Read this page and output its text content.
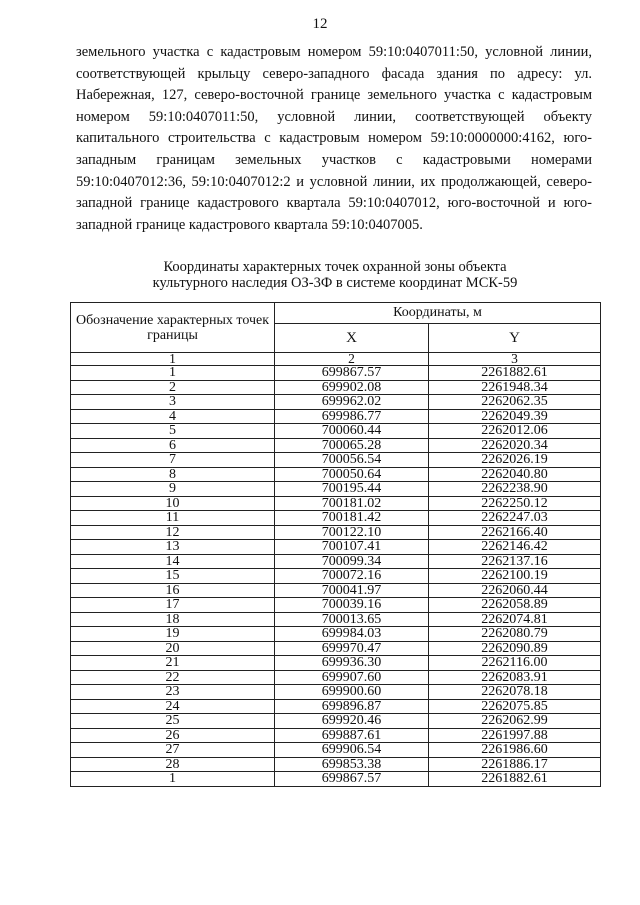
12

земельного участка с кадастровым номером 59:10:0407011:50, условной линии, соответствующей крыльцу северо-западного фасада здания по адресу: ул. Набережная, 127, северо-восточной границе земельного участка с кадастровым номером 59:10:0407011:50, условной линии, соответствующей объекту капитального строительства с кадастровым номером 59:10:0000000:4162, юго-западным границам земельных участков с кадастровыми номерами 59:10:0407012:36, 59:10:0407012:2 и условной линии, их продолжающей, северо-западной границе кадастрового квартала 59:10:0407012, юго-восточной и юго-западной границе кадастрового квартала 59:10:0407005.

Координаты характерных точек охранной зоны объекта
культурного наследия ОЗ-3Ф в системе координат МСК-59
Обозначение характерных точек границы	Координаты, м	
	X	Y
1	2	3
1	699867.57	2261882.61
2	699902.08	2261948.34
3	699962.02	2262062.35
4	699986.77	2262049.39
5	700060.44	2262012.06
6	700065.28	2262020.34
7	700056.54	2262026.19
8	700050.64	2262040.80
9	700195.44	2262238.90
10	700181.02	2262250.12
11	700181.42	2262247.03
12	700122.10	2262166.40
13	700107.41	2262146.42
14	700099.34	2262137.16
15	700072.16	2262100.19
16	700041.97	2262060.44
17	700039.16	2262058.89
18	700013.65	2262074.81
19	699984.03	2262080.79
20	699970.47	2262090.89
21	699936.30	2262116.00
22	699907.60	2262083.91
23	699900.60	2262078.18
24	699896.87	2262075.85
25	699920.46	2262062.99
26	699887.61	2261997.88
27	699906.54	2261986.60
28	699853.38	2261886.17
1	699867.57	2261882.61
